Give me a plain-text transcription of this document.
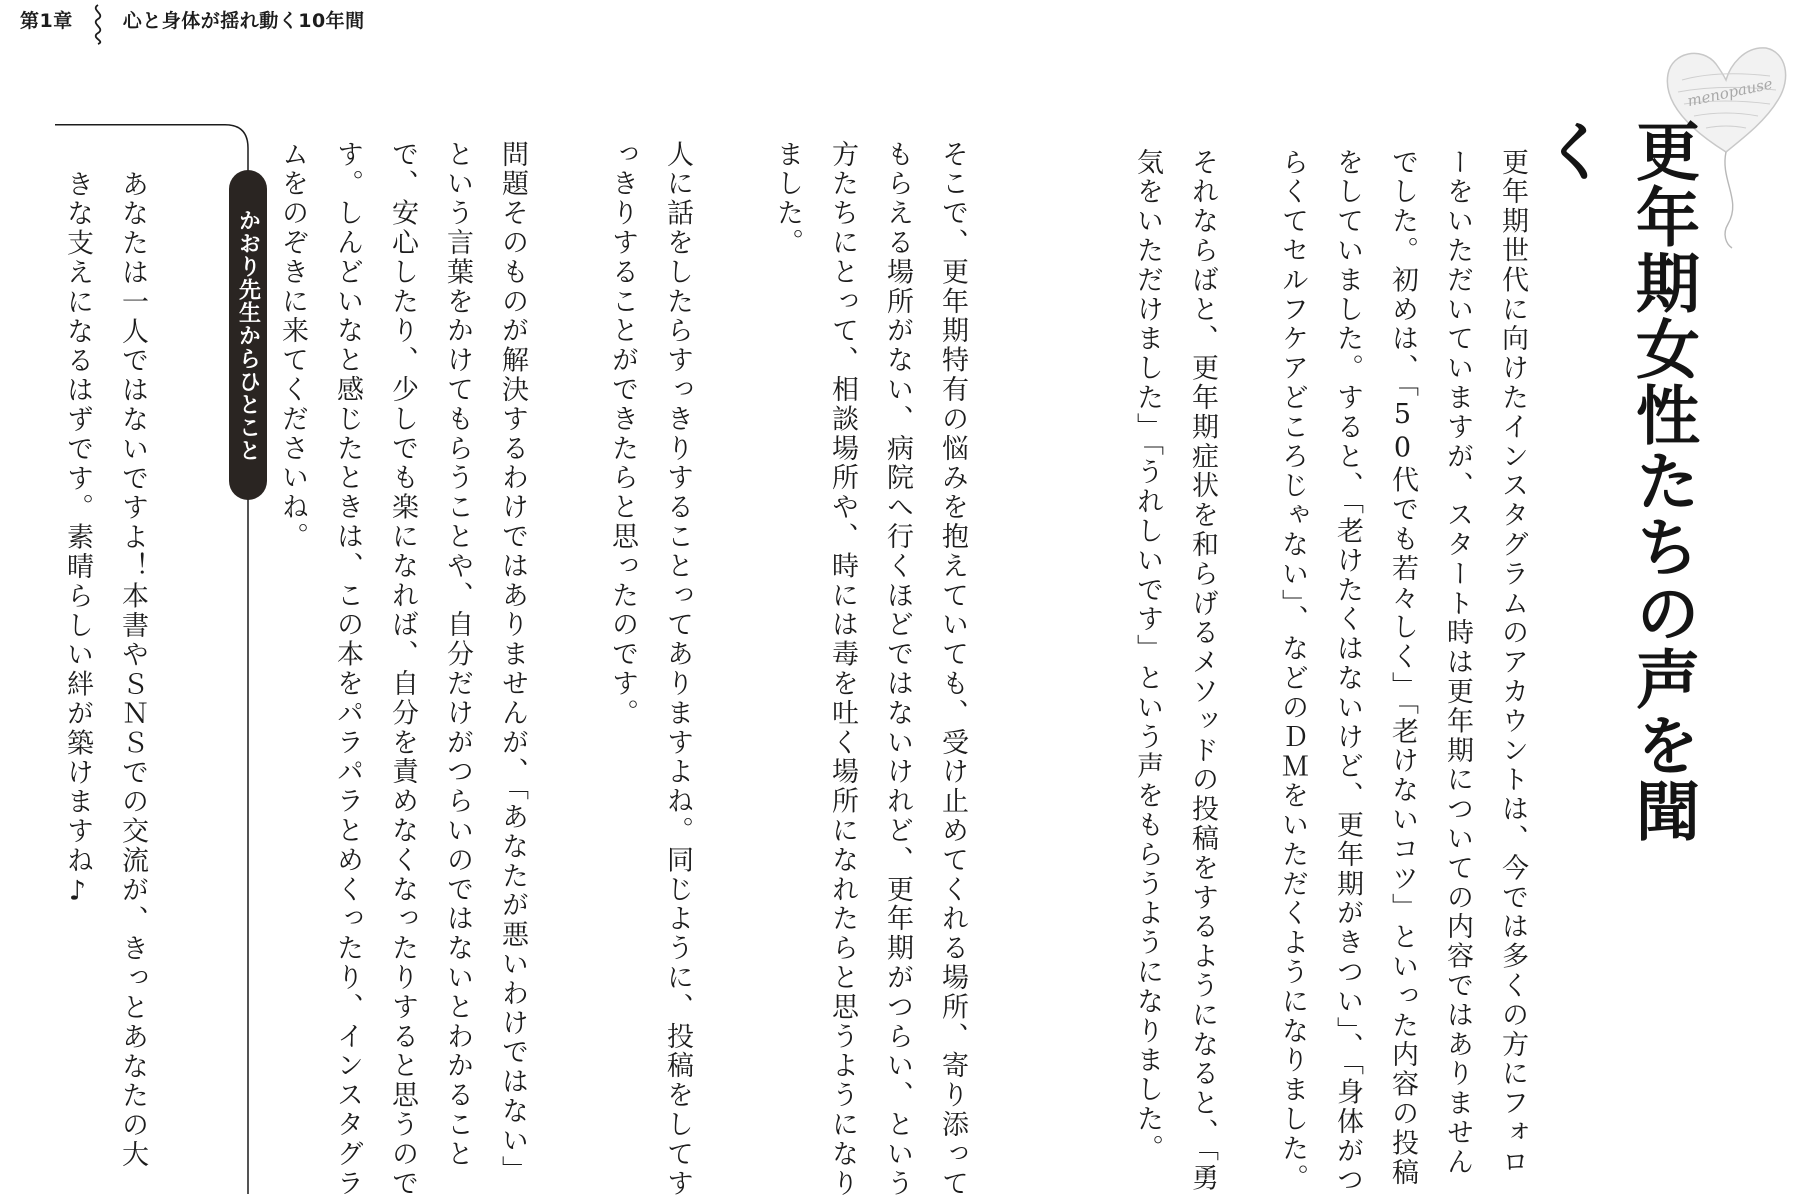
第1章	心と身体が揺れ動く10年間
menopause
更年期女性たちの声を聞く

更年期世代に向けたインスタグラムのアカウントは、今では多くの方にフォローをいただいていますが、スタート時は更年期についての内容ではありませんでした。初めは、「50代でも若々しく」「老けないコツ」といった内容の投稿をしていました。すると、「老けたくはないけど、更年期がきつい」、「身体がつらくてセルフケアどころじゃない」、などのＤＭをいただくようになりました。

それならばと、更年期症状を和らげるメソッドの投稿をするようになると、「勇気をいただけました」「うれしいです」という声をもらうようになりました。

そこで、更年期特有の悩みを抱えていても、受け止めてくれる場所、寄り添ってもらえる場所がない、病院へ行くほどではないけれど、更年期がつらい、という方たちにとって、相談場所や、時には毒を吐く場所になれたらと思うようになりました。

人に話をしたらすっきりすることってありますよね。同じように、投稿をしてすっきりすることができたらと思ったのです。

問題そのものが解決するわけではありませんが、「あなたが悪いわけではない」という言葉をかけてもらうことや、自分だけがつらいのではないとわかることで、安心したり、少しでも楽になれば、自分を責めなくなったりすると思うのです。しんどいなと感じたときは、この本をパラパラとめくったり、インスタグラムをのぞきに来てくださいね。

かおり先生からひとこと

あなたは一人ではないですよ！本書やＳＮＳでの交流が、きっとあなたの大きな支えになるはずです。素晴らしい絆が築けますね♪
